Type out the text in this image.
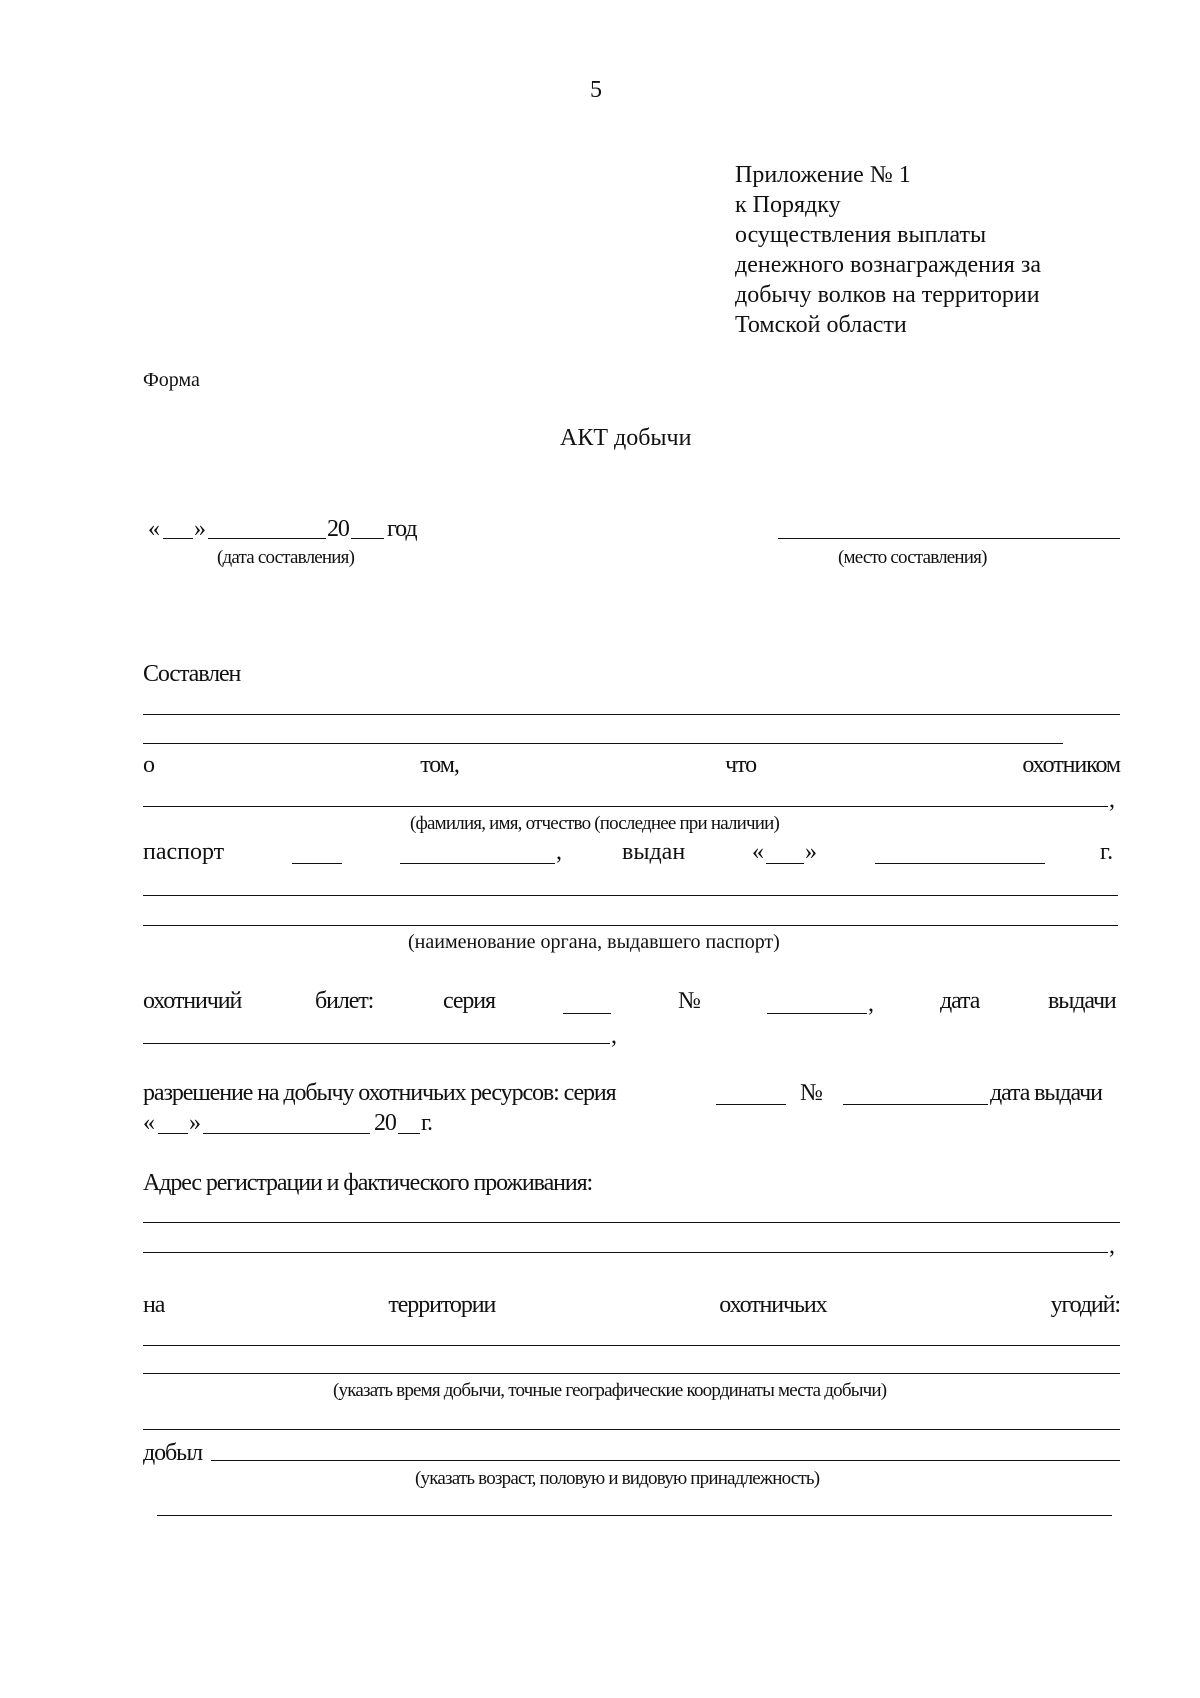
5
Приложение № 1
к Порядку
осуществления выплаты
денежного вознаграждения за
добычу волков на территории
Томской области
Форма
АКТ добычи
« »	20 год
(дата составления)	(место составления)
Составлен
о	том,	что	охотником
,
(фамилия, имя, отчество (последнее при наличии)
паспорт	,	выдан	« »	г.
(наименование органа, выдавшего паспорт)
охотничий	билет:	серия	№	,	дата	выдачи
,
разрешение на добычу охотничьих ресурсов: серия	№	дата выдачи
« »	20 г.
Адрес регистрации и фактического проживания:
,
на	территории	охотничьих	угодий:
(указать время добычи, точные географические координаты места добычи)
добыл
(указать возраст, половую и видовую принадлежность)
